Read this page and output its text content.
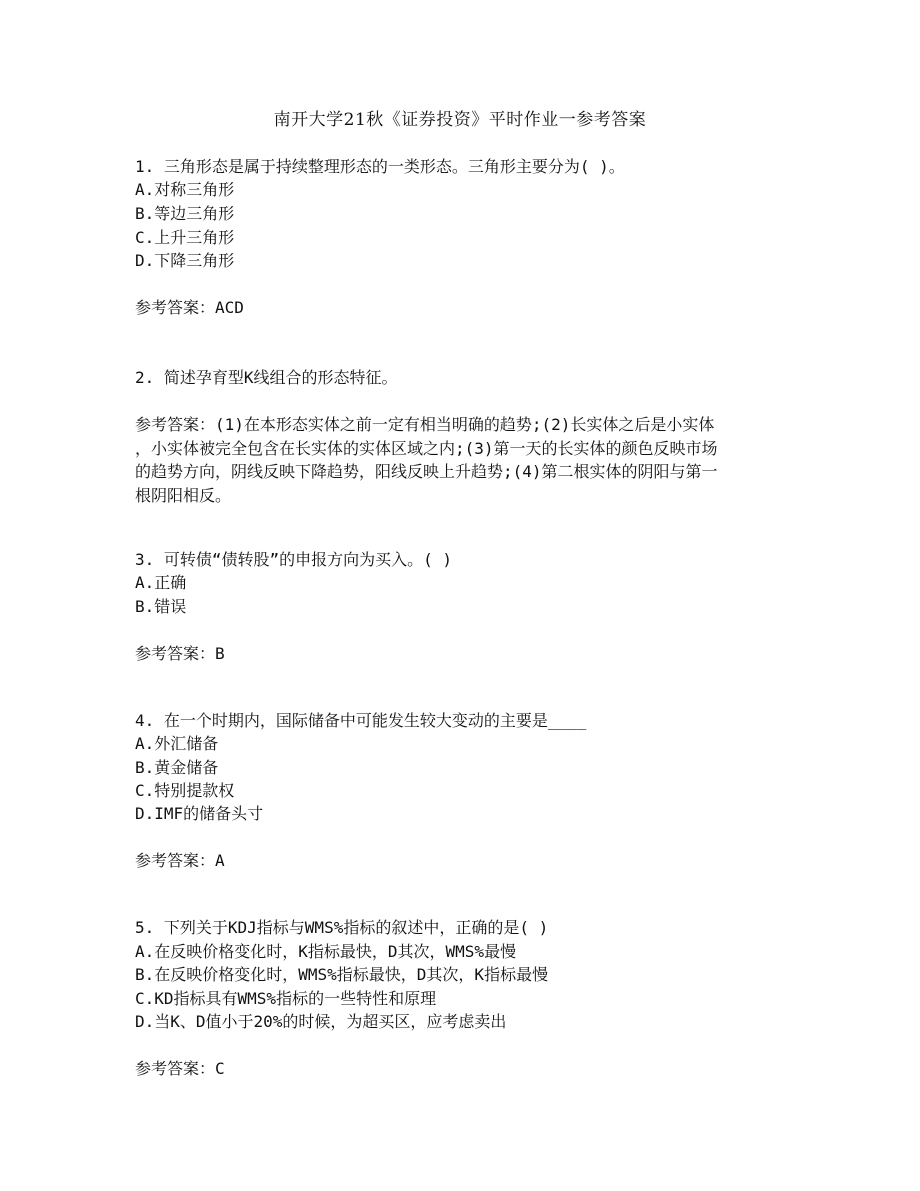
南开大学21秋《证券投资》平时作业一参考答案
1. 三角形态是属于持续整理形态的一类形态。三角形主要分为( )。
A.对称三角形
B.等边三角形
C.上升三角形
D.下降三角形
参考答案：ACD
2. 简述孕育型K线组合的形态特征。
参考答案：(1)在本形态实体之前一定有相当明确的趋势;(2)长实体之后是小实体
，小实体被完全包含在长实体的实体区域之内;(3)第一天的长实体的颜色反映市场
的趋势方向，阴线反映下降趋势，阳线反映上升趋势;(4)第二根实体的阴阳与第一
根阴阳相反。
3. 可转债“债转股”的申报方向为买入。( )
A.正确
B.错误
参考答案：B
4. 在一个时期内，国际储备中可能发生较大变动的主要是____
A.外汇储备
B.黄金储备
C.特别提款权
D.IMF的储备头寸
参考答案：A
5. 下列关于KDJ指标与WMS%指标的叙述中，正确的是( )
A.在反映价格变化时，K指标最快，D其次，WMS%最慢
B.在反映价格变化时，WMS%指标最快，D其次，K指标最慢
C.KD指标具有WMS%指标的一些特性和原理
D.当K、D值小于20%的时候，为超买区，应考虑卖出
参考答案：C
